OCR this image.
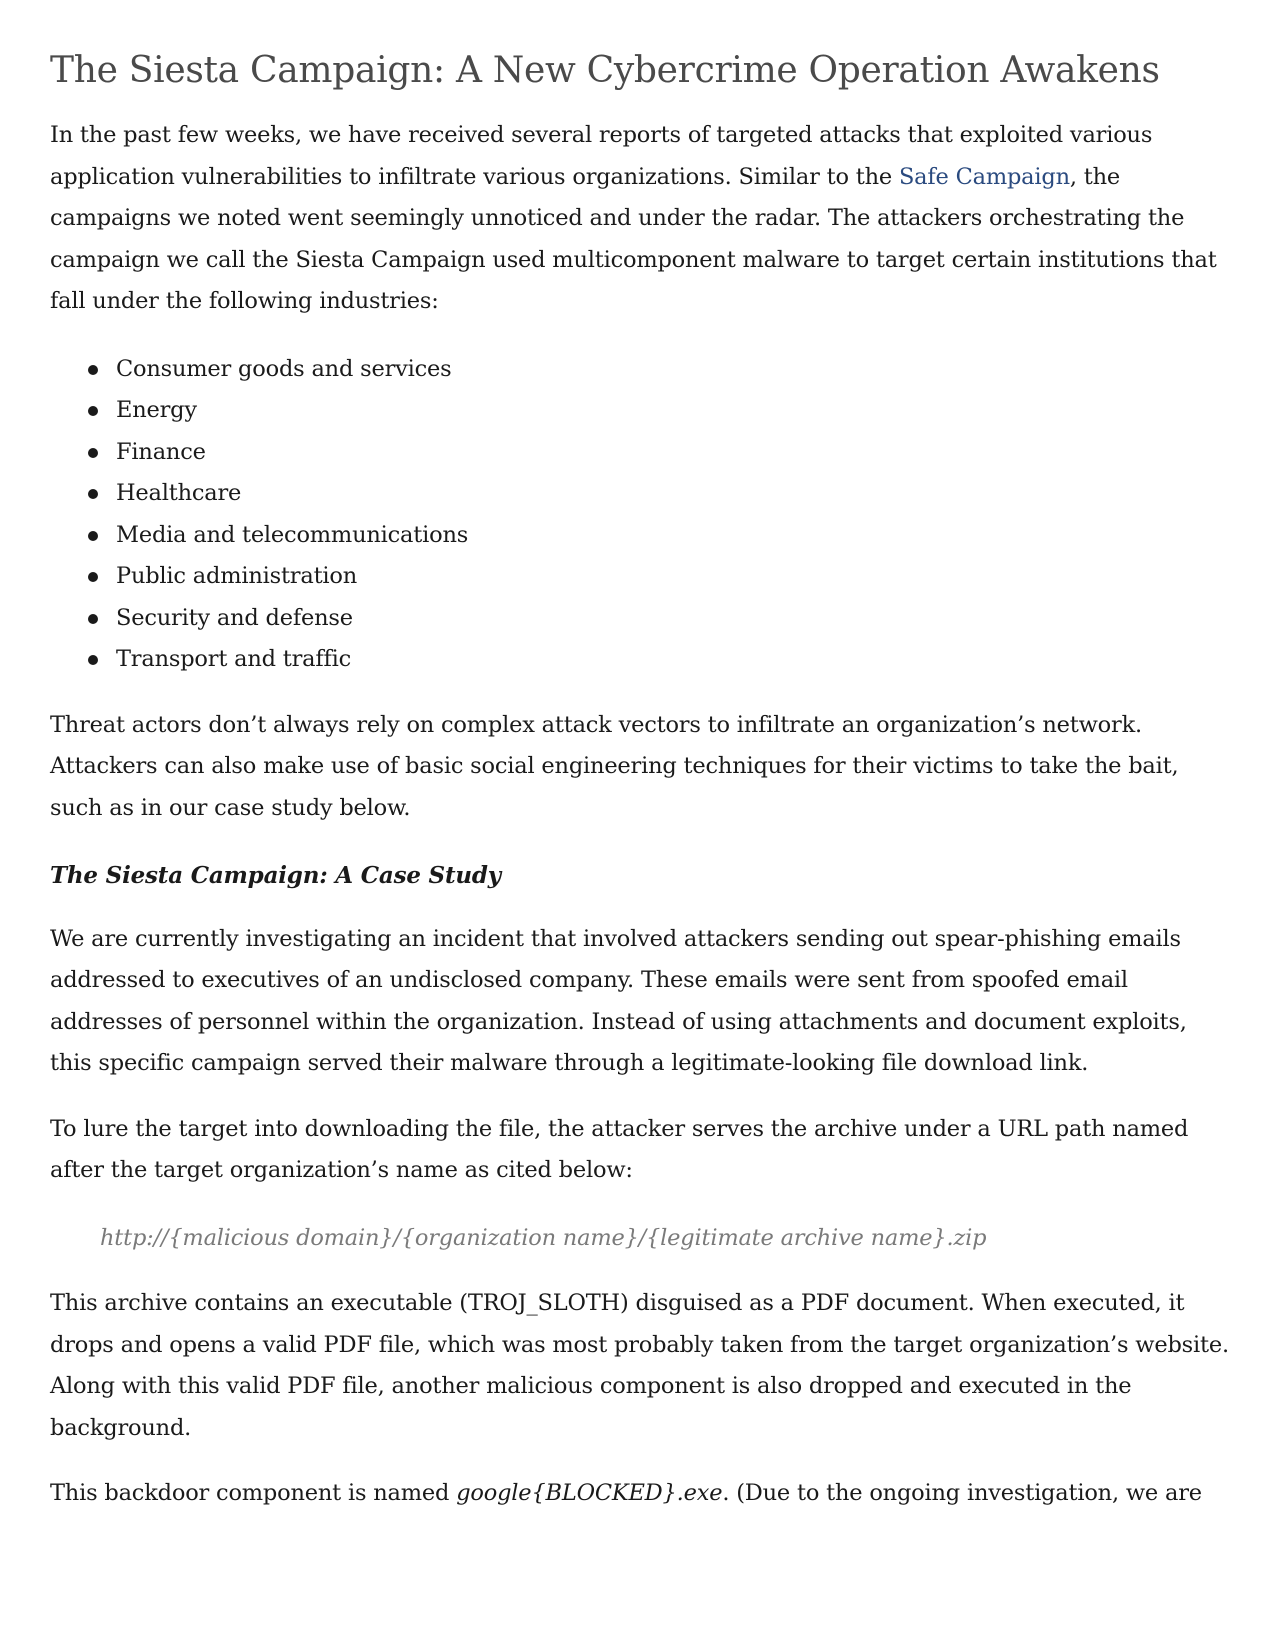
The Siesta Campaign: A New Cybercrime Operation Awakens

In the past few weeks, we have received several reports of targeted attacks that exploited various application vulnerabilities to infiltrate various organizations. Similar to the Safe Campaign, the campaigns we noted went seemingly unnoticed and under the radar. The attackers orchestrating the campaign we call the Siesta Campaign used multicomponent malware to target certain institutions that fall under the following industries:

Consumer goods and services
Energy
Finance
Healthcare
Media and telecommunications
Public administration
Security and defense
Transport and traffic

Threat actors don’t always rely on complex attack vectors to infiltrate an organization’s network. Attackers can also make use of basic social engineering techniques for their victims to take the bait, such as in our case study below.

The Siesta Campaign: A Case Study

We are currently investigating an incident that involved attackers sending out spear-phishing emails addressed to executives of an undisclosed company. These emails were sent from spoofed email addresses of personnel within the organization. Instead of using attachments and document exploits, this specific campaign served their malware through a legitimate-looking file download link.

To lure the target into downloading the file, the attacker serves the archive under a URL path named after the target organization’s name as cited below:

http://{malicious domain}/{organization name}/{legitimate archive name}.zip

This archive contains an executable (TROJ_SLOTH) disguised as a PDF document. When executed, it drops and opens a valid PDF file, which was most probably taken from the target organization’s website. Along with this valid PDF file, another malicious component is also dropped and executed in the background.

This backdoor component is named google{BLOCKED}.exe. (Due to the ongoing investigation, we are
